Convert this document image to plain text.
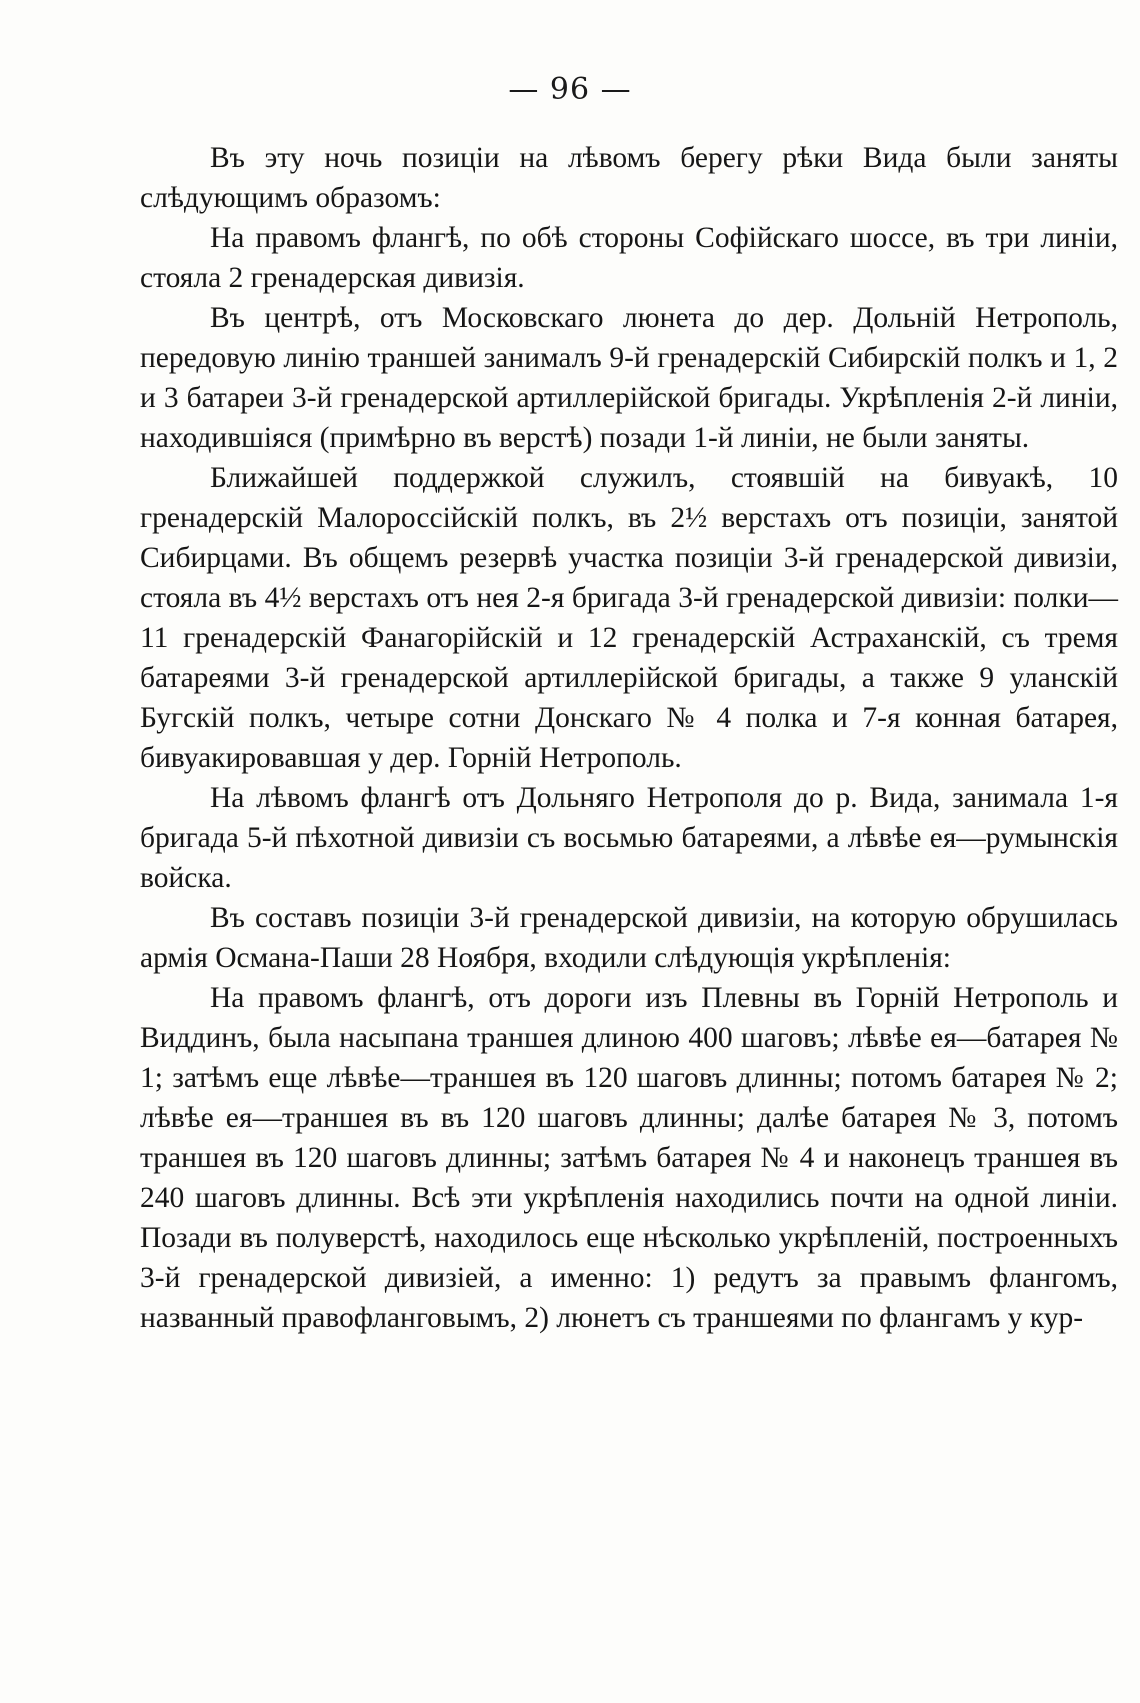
— 96 —

Въ эту ночь позиціи на лѣвомъ берегу рѣки Вида были заняты слѣдующимъ образомъ:

На правомъ флангѣ, по обѣ стороны Софійскаго шоссе, въ три линіи, стояла 2 гренадерская дивизія.

Въ центрѣ, отъ Московскаго люнета до дер. Дольній Нетрополь, передовую линію траншей занималъ 9-й гренадерскій Сибирскій полкъ и 1, 2 и 3 батареи 3-й гренадерской артиллерійской бригады. Укрѣпленія 2-й линіи, находившіяся (примѣрно въ верстѣ) позади 1-й линіи, не были заняты.

Ближайшей поддержкой служилъ, стоявшій на бивуакѣ, 10 гренадерскій Малороссійскій полкъ, въ 2½ верстахъ отъ позиціи, занятой Сибирцами. Въ общемъ резервѣ участка позиціи 3-й гренадерской дивизіи, стояла въ 4½ верстахъ отъ нея 2-я бригада 3-й гренадерской дивизіи: полки—11 гренадерскій Фанагорійскій и 12 гренадерскій Астраханскій, съ тремя батареями 3-й гренадерской артиллерійской бригады, а также 9 уланскій Бугскій полкъ, четыре сотни Донскаго № 4 полка и 7-я конная батарея, бивуакировавшая у дер. Горній Нетрополь.

На лѣвомъ флангѣ отъ Дольняго Нетрополя до р. Вида, занимала 1-я бригада 5-й пѣхотной дивизіи съ восьмью батареями, а лѣвѣе ея—румынскія войска.

Въ составъ позиціи 3-й гренадерской дивизіи, на которую обрушилась армія Османа-Паши 28 Ноября, входили слѣдующія укрѣпленія:

На правомъ флангѣ, отъ дороги изъ Плевны въ Горній Нетрополь и Виддинъ, была насыпана траншея длиною 400 шаговъ; лѣвѣе ея—батарея № 1; затѣмъ еще лѣвѣе—траншея въ 120 шаговъ длинны; потомъ батарея № 2; лѣвѣе ея—траншея въ въ 120 шаговъ длинны; далѣе батарея № 3, потомъ траншея въ 120 шаговъ длинны; затѣмъ батарея № 4 и наконецъ траншея въ 240 шаговъ длинны. Всѣ эти укрѣпленія находились почти на одной линіи. Позади въ полуверстѣ, находилось еще нѣсколько укрѣпленій, построенныхъ 3-й гренадерской дивизіей, а именно: 1) редутъ за правымъ флангомъ, названный правофланговымъ, 2) люнетъ съ траншеями по флангамъ у кур-
